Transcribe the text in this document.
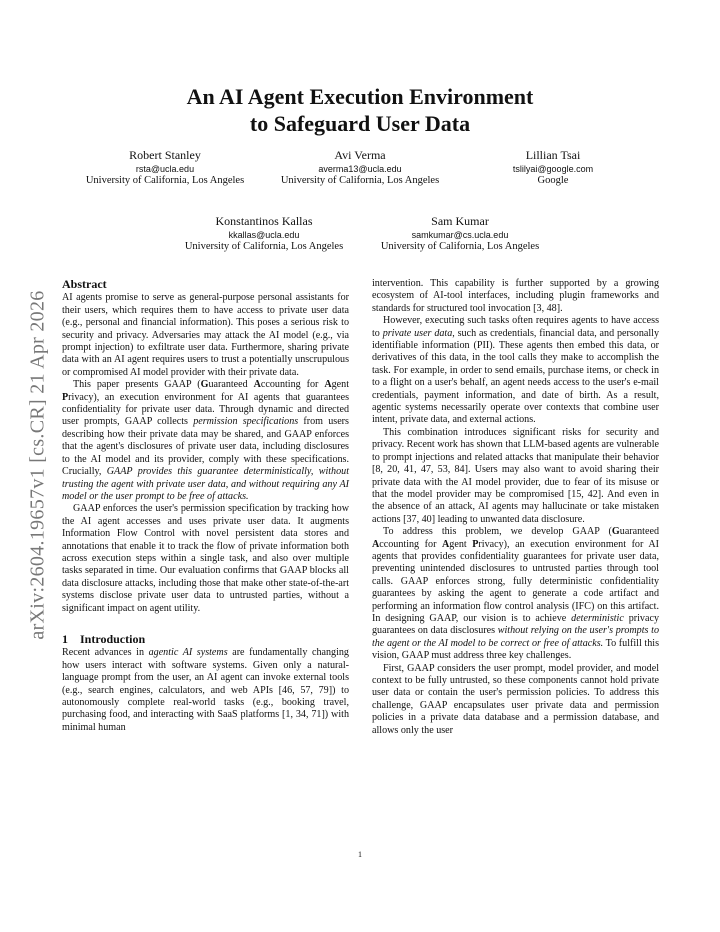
An AI Agent Execution Environment
to Safeguard User Data
Robert Stanley
rsta@ucla.edu
University of California, Los Angeles
Avi Verma
averma13@ucla.edu
University of California, Los Angeles
Lillian Tsai
tslilyai@google.com
Google
Konstantinos Kallas
kkallas@ucla.edu
University of California, Los Angeles
Sam Kumar
samkumar@cs.ucla.edu
University of California, Los Angeles
arXiv:2604.19657v1 [cs.CR] 21 Apr 2026
Abstract

AI agents promise to serve as general-purpose personal assistants for their users, which requires them to have access to private user data (e.g., personal and financial information). This poses a serious risk to security and privacy. Adversaries may attack the AI model (e.g., via prompt injection) to exfiltrate user data. Furthermore, sharing private data with an AI agent requires users to trust a potentially unscrupulous or compromised AI model provider with their private data.

This paper presents GAAP (Guaranteed Accounting for Agent Privacy), an execution environment for AI agents that guarantees confidentiality for private user data. Through dynamic and directed user prompts, GAAP collects permission specifications from users describing how their private data may be shared, and GAAP enforces that the agent's disclosures of private user data, including disclosures to the AI model and its provider, comply with these specifications. Crucially, GAAP provides this guarantee deterministically, without trusting the agent with private user data, and without requiring any AI model or the user prompt to be free of attacks.

GAAP enforces the user's permission specification by tracking how the AI agent accesses and uses private user data. It augments Information Flow Control with novel persistent data stores and annotations that enable it to track the flow of private information both across execution steps within a single task, and also over multiple tasks separated in time. Our evaluation confirms that GAAP blocks all data disclosure attacks, including those that make other state-of-the-art systems disclose private user data to untrusted parties, without a significant impact on agent utility.

1 Introduction

Recent advances in agentic AI systems are fundamentally changing how users interact with software systems. Given only a natural-language prompt from the user, an AI agent can invoke external tools (e.g., search engines, calculators, and web APIs [46, 57, 79]) to autonomously complete real-world tasks (e.g., booking travel, purchasing food, and interacting with SaaS platforms [1, 34, 71]) with minimal human

intervention. This capability is further supported by a growing ecosystem of AI-tool interfaces, including plugin frameworks and standards for structured tool invocation [3, 48].

However, executing such tasks often requires agents to have access to private user data, such as credentials, financial data, and personally identifiable information (PII). These agents then embed this data, or derivatives of this data, in the tool calls they make to accomplish the task. For example, in order to send emails, purchase items, or check in to a flight on a user's behalf, an agent needs access to the user's e-mail credentials, payment information, and date of birth. As a result, agentic systems necessarily operate over contexts that combine user intent, private data, and external actions.

This combination introduces significant risks for security and privacy. Recent work has shown that LLM-based agents are vulnerable to prompt injections and related attacks that manipulate their behavior [8, 20, 41, 47, 53, 84]. Users may also want to avoid sharing their private data with the AI model provider, due to fear of its misuse or that the model provider may be compromised [15, 42]. And even in the absence of an attack, AI agents may hallucinate or take mistaken actions [37, 40] leading to unwanted data disclosure.

To address this problem, we develop GAAP (Guaranteed Accounting for Agent Privacy), an execution environment for AI agents that provides confidentiality guarantees for private user data, preventing unintended disclosures to untrusted parties through tool calls. GAAP enforces strong, fully deterministic confidentiality guarantees by asking the agent to generate a code artifact and performing an information flow control analysis (IFC) on this artifact. In designing GAAP, our vision is to achieve deterministic privacy guarantees on data disclosures without relying on the user's prompts to the agent or the AI model to be correct or free of attacks. To fulfill this vision, GAAP must address three key challenges.

First, GAAP considers the user prompt, model provider, and model context to be fully untrusted, so these components cannot hold private user data or contain the user's permission policies. To address this challenge, GAAP encapsulates user private data and permission policies in a private data database and a permission database, and allows only the user

1
